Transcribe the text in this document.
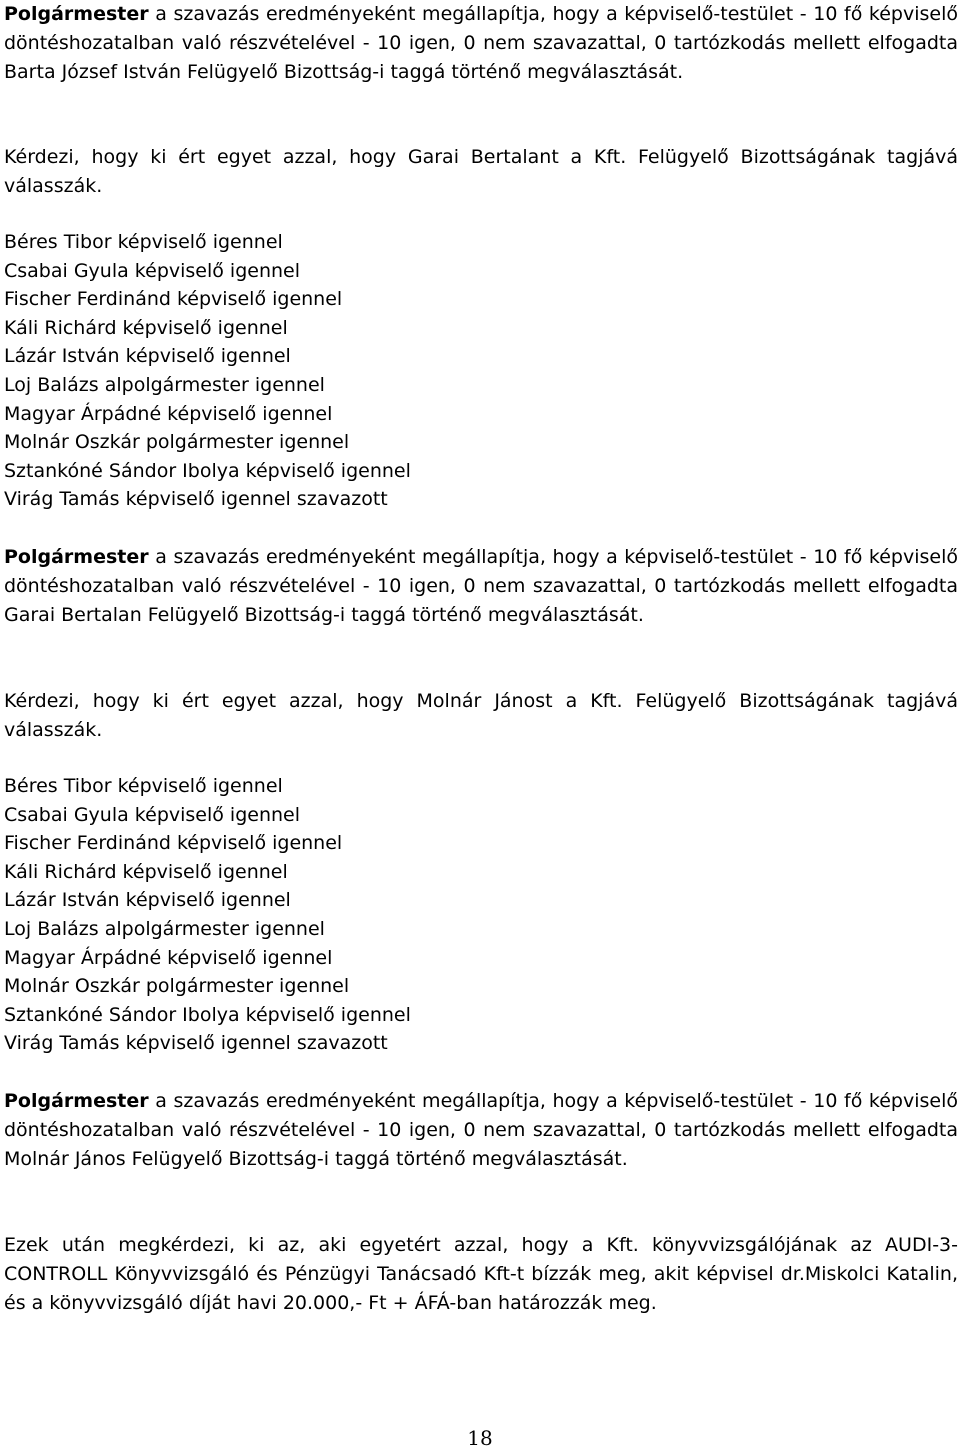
Polgármester a szavazás eredményeként megállapítja, hogy a képviselő-testület - 10 fő képviselő döntéshozatalban való részvételével - 10 igen, 0 nem szavazattal, 0 tartózkodás mellett elfogadta Barta József István Felügyelő Bizottság-i taggá történő megválasztását.

Kérdezi, hogy ki ért egyet azzal, hogy Garai Bertalant a Kft. Felügyelő Bizottságának tagjává válasszák.

Béres Tibor képviselő igennel
Csabai Gyula képviselő igennel
Fischer Ferdinánd képviselő igennel
Káli Richárd képviselő igennel
Lázár István képviselő igennel
Loj Balázs alpolgármester igennel
Magyar Árpádné képviselő igennel
Molnár Oszkár polgármester igennel
Sztankóné Sándor Ibolya képviselő igennel
Virág Tamás képviselő igennel szavazott

Polgármester a szavazás eredményeként megállapítja, hogy a képviselő-testület - 10 fő képviselő döntéshozatalban való részvételével - 10 igen, 0 nem szavazattal, 0 tartózkodás mellett elfogadta Garai Bertalan Felügyelő Bizottság-i taggá történő megválasztását.

Kérdezi, hogy ki ért egyet azzal, hogy Molnár Jánost a Kft. Felügyelő Bizottságának tagjává válasszák.

Béres Tibor képviselő igennel
Csabai Gyula képviselő igennel
Fischer Ferdinánd képviselő igennel
Káli Richárd képviselő igennel
Lázár István képviselő igennel
Loj Balázs alpolgármester igennel
Magyar Árpádné képviselő igennel
Molnár Oszkár polgármester igennel
Sztankóné Sándor Ibolya képviselő igennel
Virág Tamás képviselő igennel szavazott

Polgármester a szavazás eredményeként megállapítja, hogy a képviselő-testület - 10 fő képviselő döntéshozatalban való részvételével - 10 igen, 0 nem szavazattal, 0 tartózkodás mellett elfogadta Molnár János Felügyelő Bizottság-i taggá történő megválasztását.

Ezek után megkérdezi, ki az, aki egyetért azzal, hogy a Kft. könyvvizsgálójának az AUDI-3-CONTROLL Könyvvizsgáló és Pénzügyi Tanácsadó Kft-t bízzák meg, akit képvisel dr.Miskolci Katalin, és a könyvvizsgáló díját havi 20.000,- Ft + ÁFÁ-ban határozzák meg.

18
